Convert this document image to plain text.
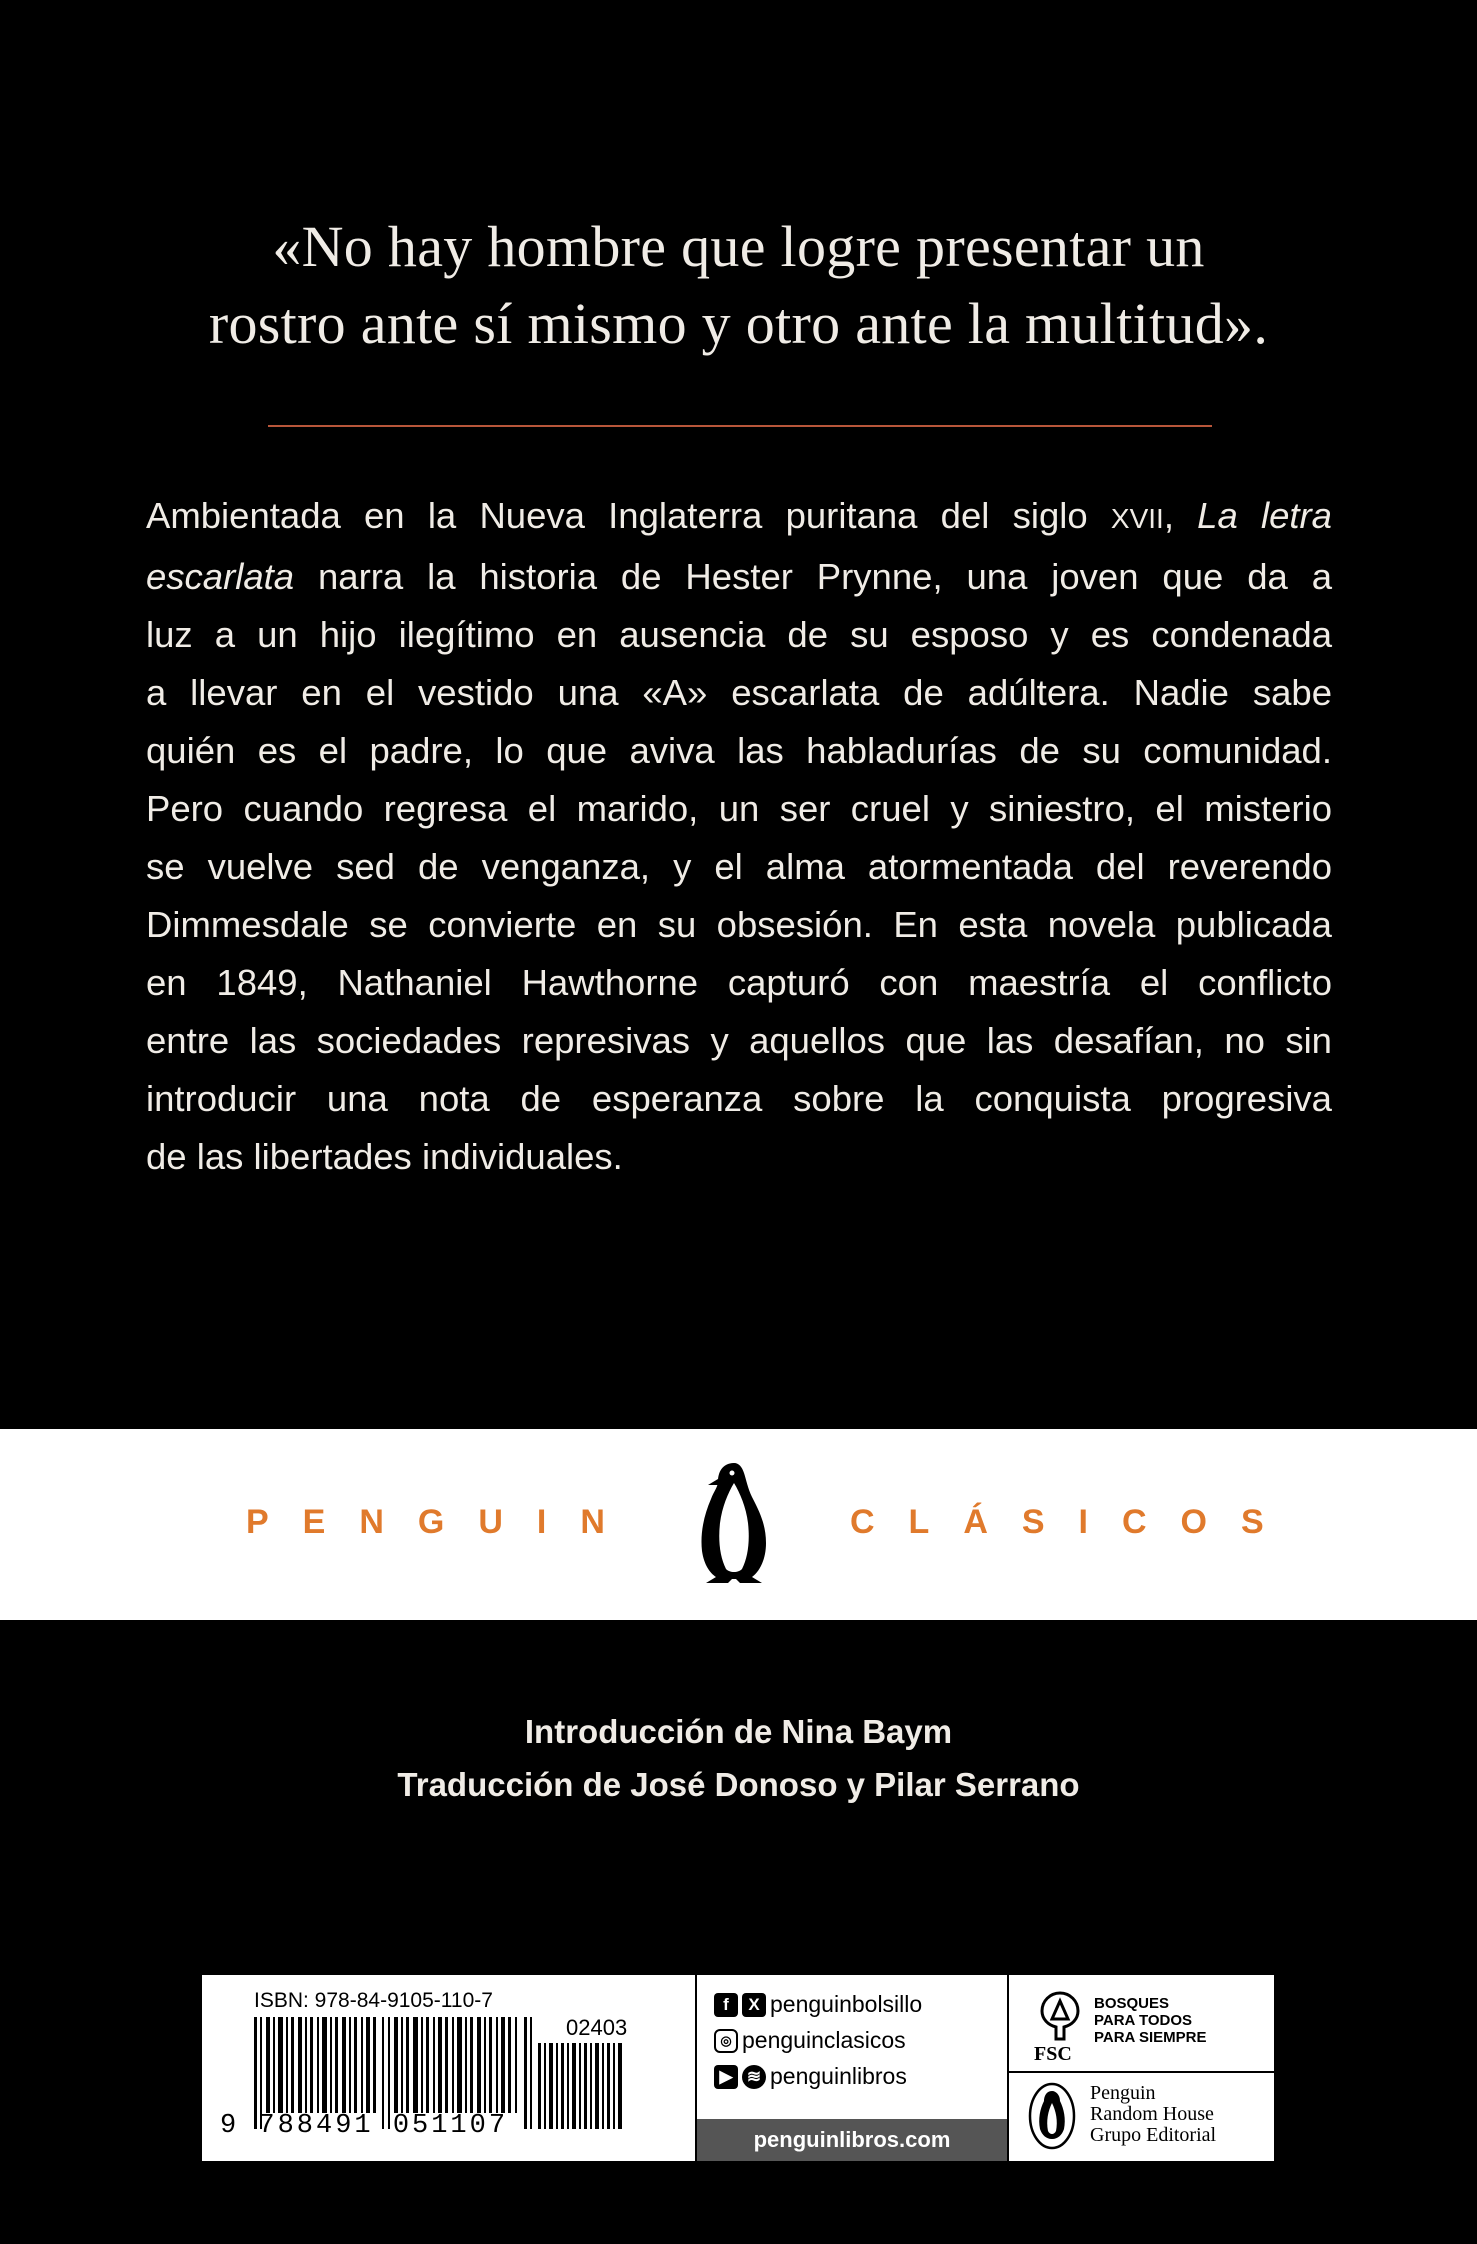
«No hay hombre que logre presentar un
rostro ante sí mismo y otro ante la multitud».
Ambientada en la Nueva Inglaterra puritana del siglo XVII, La letra
escarlata narra la historia de Hester Prynne, una joven que da a
luz a un hijo ilegítimo en ausencia de su esposo y es condenada
a llevar en el vestido una «A» escarlata de adúltera. Nadie sabe
quién es el padre, lo que aviva las habladurías de su comunidad.
Pero cuando regresa el marido, un ser cruel y siniestro, el misterio
se vuelve sed de venganza, y el alma atormentada del reverendo
Dimmesdale se convierte en su obsesión. En esta novela publicada
en 1849, Nathaniel Hawthorne capturó con maestría el conflicto
entre las sociedades represivas y aquellos que las desafían, no sin
introducir una nota de esperanza sobre la conquista progresiva
de las libertades individuales.
PENGUIN	CLÁSICOS
Introducción de Nina Baym
Traducción de José Donoso y Pilar Serrano
ISBN: 978-84-9105-110-7
02403
9 788491 051107
f	X penguinbolsillo
◎ penguinclasicos
▶ ≋ penguinlibros
penguinlibros.com
FSC
BOSQUES
PARA TODOS
PARA SIEMPRE
Penguin
Random House
Grupo Editorial
